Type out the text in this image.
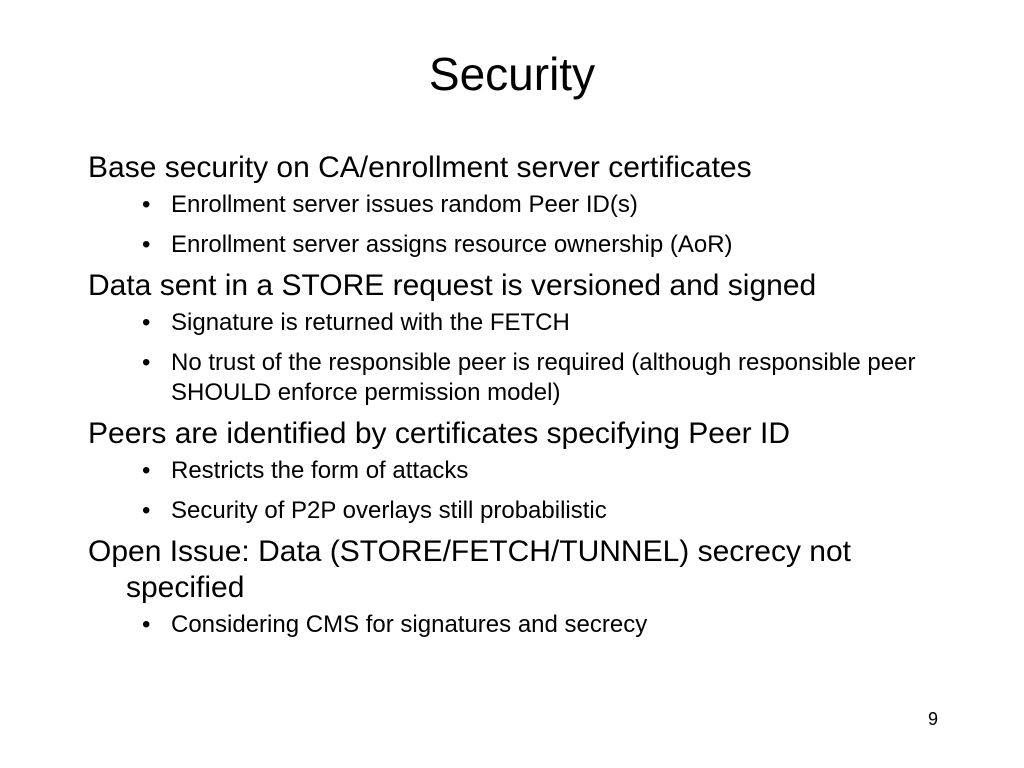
Security

Base security on CA/enrollment server certificates

• Enrollment server issues random Peer ID(s)
• Enrollment server assigns resource ownership (AoR)

Data sent in a STORE request is versioned and signed

• Signature is returned with the FETCH
• No trust of the responsible peer is required (although responsible peer SHOULD enforce permission model)

Peers are identified by certificates specifying Peer ID

• Restricts the form of attacks
• Security of P2P overlays still probabilistic

Open Issue: Data (STORE/FETCH/TUNNEL) secrecy not specified

• Considering CMS for signatures and secrecy
9
